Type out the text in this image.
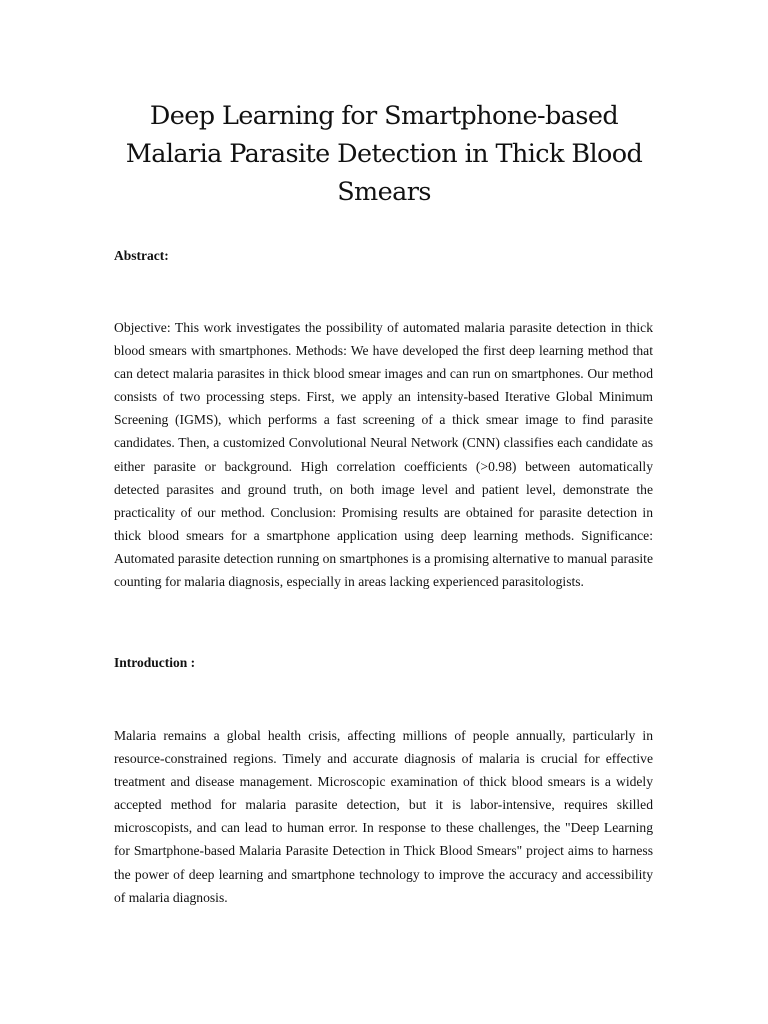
Deep Learning for Smartphone-based Malaria Parasite Detection in Thick Blood Smears
Abstract:

Objective: This work investigates the possibility of automated malaria parasite detection in thick blood smears with smartphones. Methods: We have developed the first deep learning method that can detect malaria parasites in thick blood smear images and can run on smartphones. Our method consists of two processing steps. First, we apply an intensity-based Iterative Global Minimum Screening (IGMS), which performs a fast screening of a thick smear image to find parasite candidates. Then, a customized Convolutional Neural Network (CNN) classifies each candidate as either parasite or background. High correlation coefficients (>0.98) between automatically detected parasites and ground truth, on both image level and patient level, demonstrate the practicality of our method. Conclusion: Promising results are obtained for parasite detection in thick blood smears for a smartphone application using deep learning methods. Significance: Automated parasite detection running on smartphones is a promising alternative to manual parasite counting for malaria diagnosis, especially in areas lacking experienced parasitologists.

Introduction :

Malaria remains a global health crisis, affecting millions of people annually, particularly in resource-constrained regions. Timely and accurate diagnosis of malaria is crucial for effective treatment and disease management. Microscopic examination of thick blood smears is a widely accepted method for malaria parasite detection, but it is labor-intensive, requires skilled microscopists, and can lead to human error. In response to these challenges, the "Deep Learning for Smartphone-based Malaria Parasite Detection in Thick Blood Smears" project aims to harness the power of deep learning and smartphone technology to improve the accuracy and accessibility of malaria diagnosis.
